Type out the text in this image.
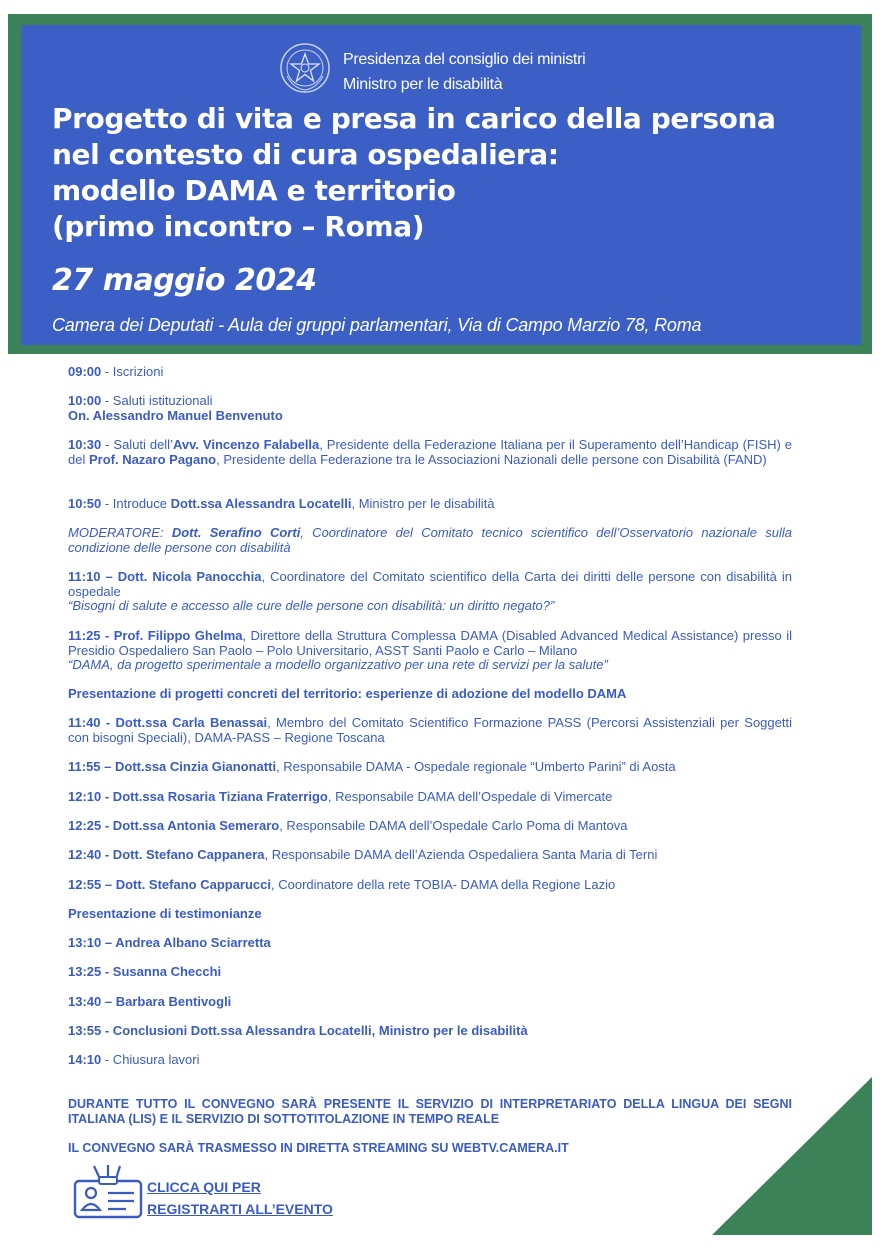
Presidenza del consiglio dei ministri
Ministro per le disabilità
Progetto di vita e presa in carico della persona
nel contesto di cura ospedaliera:
modello DAMA e territorio
(primo incontro – Roma)
27 maggio 2024
Camera dei Deputati - Aula dei gruppi parlamentari, Via di Campo Marzio 78, Roma

09:00 - Iscrizioni

10:00 - Saluti istituzionali
On. Alessandro Manuel Benvenuto

10:30 - Saluti dell’Avv. Vincenzo Falabella, Presidente della Federazione Italiana per il Superamento dell’Handicap (FISH) e del Prof. Nazaro Pagano, Presidente della Federazione tra le Associazioni Nazionali delle persone con Disabilità (FAND)

10:50 - Introduce Dott.ssa Alessandra Locatelli, Ministro per le disabilità

MODERATORE: Dott. Serafino Corti, Coordinatore del Comitato tecnico scientifico dell’Osservatorio nazionale sulla condizione delle persone con disabilità

11:10 – Dott. Nicola Panocchia, Coordinatore del Comitato scientifico della Carta dei diritti delle persone con disabilità in ospedale
“Bisogni di salute e accesso alle cure delle persone con disabilità: un diritto negato?”

11:25 - Prof. Filippo Ghelma, Direttore della Struttura Complessa DAMA (Disabled Advanced Medical Assistance) presso il Presidio Ospedaliero San Paolo – Polo Universitario, ASST Santi Paolo e Carlo – Milano
“DAMA, da progetto sperimentale a modello organizzativo per una rete di servizi per la salute”

Presentazione di progetti concreti del territorio: esperienze di adozione del modello DAMA

11:40 - Dott.ssa Carla Benassai, Membro del Comitato Scientifico Formazione PASS (Percorsi Assistenziali per Soggetti con bisogni Speciali), DAMA-PASS – Regione Toscana

11:55 – Dott.ssa Cinzia Gianonatti, Responsabile DAMA - Ospedale regionale “Umberto Parini” di Aosta

12:10 - Dott.ssa Rosaria Tiziana Fraterrigo, Responsabile DAMA dell’Ospedale di Vimercate

12:25 - Dott.ssa Antonia Semeraro, Responsabile DAMA dell’Ospedale Carlo Poma di Mantova

12:40 - Dott. Stefano Cappanera, Responsabile DAMA dell’Azienda Ospedaliera Santa Maria di Terni

12:55 – Dott. Stefano Capparucci, Coordinatore della rete TOBIA- DAMA della Regione Lazio

Presentazione di testimonianze

13:10 – Andrea Albano Sciarretta

13:25 - Susanna Checchi

13:40 – Barbara Bentivogli

13:55 - Conclusioni Dott.ssa Alessandra Locatelli, Ministro per le disabilità

14:10 - Chiusura lavori

DURANTE TUTTO IL CONVEGNO SARÀ PRESENTE IL SERVIZIO DI INTERPRETARIATO DELLA LINGUA DEI SEGNI ITALIANA (LIS) E IL SERVIZIO DI SOTTOTITOLAZIONE IN TEMPO REALE

IL CONVEGNO SARÀ TRASMESSO IN DIRETTA STREAMING SU WEBTV.CAMERA.IT

CLICCA QUI PER
REGISTRARTI ALL’EVENTO
